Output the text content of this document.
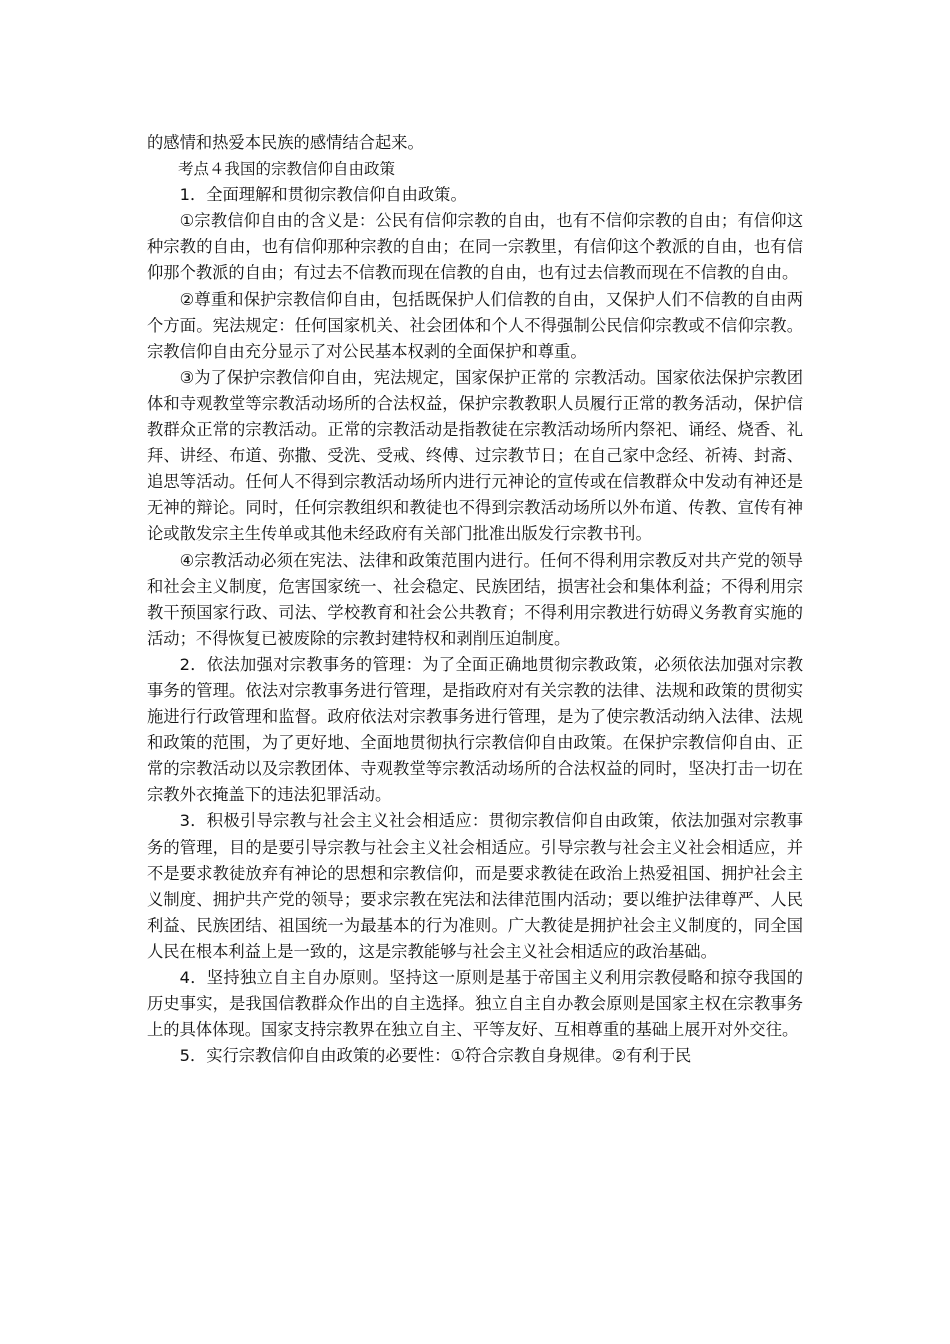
的感情和热爱本民族的感情结合起来。

考点４我国的宗教信仰自由政策

1．全面理解和贯彻宗教信仰自由政策。

①宗教信仰自由的含义是：公民有信仰宗教的自由，也有不信仰宗教的自由；有信仰这种宗教的自由，也有信仰那种宗教的自由；在同一宗教里，有信仰这个教派的自由，也有信仰那个教派的自由；有过去不信教而现在信教的自由，也有过去信教而现在不信教的自由。

②尊重和保护宗教信仰自由，包括既保护人们信教的自由，又保护人们不信教的自由两个方面。宪法规定：任何国家机关、社会团体和个人不得强制公民信仰宗教或不信仰宗教。宗教信仰自由充分显示了对公民基本权剥的全面保护和尊重。

③为了保护宗教信仰自由，宪法规定，国家保护正常的 宗教活动。国家依法保护宗教团体和寺观教堂等宗教活动场所的合法权益，保护宗教教职人员履行正常的教务活动，保护信教群众正常的宗教活动。正常的宗教活动是指教徒在宗教活动场所内祭祀、诵经、烧香、礼拜、讲经、布道、弥撒、受洗、受戒、终傅、过宗教节日；在自己家中念经、祈祷、封斋、追思等活动。任何人不得到宗教活动场所内进行元神论的宣传或在信教群众中发动有神还是无神的辩论。同时，任何宗教组织和教徒也不得到宗教活动场所以外布道、传教、宣传有神论或散发宗主生传单或其他未经政府有关部门批准出版发行宗教书刊。

④宗教活动必须在宪法、法律和政策范围内进行。任何不得利用宗教反对共产党的领导和社会主义制度，危害国家统一、社会稳定、民族团结，损害社会和集体利益；不得利用宗教干预国家行政、司法、学校教育和社会公共教育；不得利用宗教进行妨碍义务教育实施的活动；不得恢复已被废除的宗教封建特权和剥削压迫制度。

2．依法加强对宗教事务的管理：为了全面正确地贯彻宗教政策，必须依法加强对宗教事务的管理。依法对宗教事务进行管理，是指政府对有关宗教的法律、法规和政策的贯彻实施进行行政管理和监督。政府依法对宗教事务进行管理，是为了使宗教活动纳入法律、法规和政策的范围，为了更好地、全面地贯彻执行宗教信仰自由政策。在保护宗教信仰自由、正常的宗教活动以及宗教团体、寺观教堂等宗教活动场所的合法权益的同时，坚决打击一切在宗教外衣掩盖下的违法犯罪活动。

3．积极引导宗教与社会主义社会相适应：贯彻宗教信仰自由政策，依法加强对宗教事务的管理，目的是要引导宗教与社会主义社会相适应。引导宗教与社会主义社会相适应，并不是要求教徒放弃有神论的思想和宗教信仰，而是要求教徒在政治上热爱祖国、拥护社会主义制度、拥护共产党的领导；要求宗教在宪法和法律范围内活动；要以维护法律尊严、人民利益、民族团结、祖国统一为最基本的行为准则。广大教徒是拥护社会主义制度的，同全国人民在根本利益上是一致的，这是宗教能够与社会主义社会相适应的政治基础。

4．坚持独立自主自办原则。坚持这一原则是基于帝国主义利用宗教侵略和掠夺我国的历史事实，是我国信教群众作出的自主选择。独立自主自办教会原则是国家主权在宗教事务上的具体体现。国家支持宗教界在独立自主、平等友好、互相尊重的基础上展开对外交往。

5．实行宗教信仰自由政策的必要性：①符合宗教自身规律。②有利于民
